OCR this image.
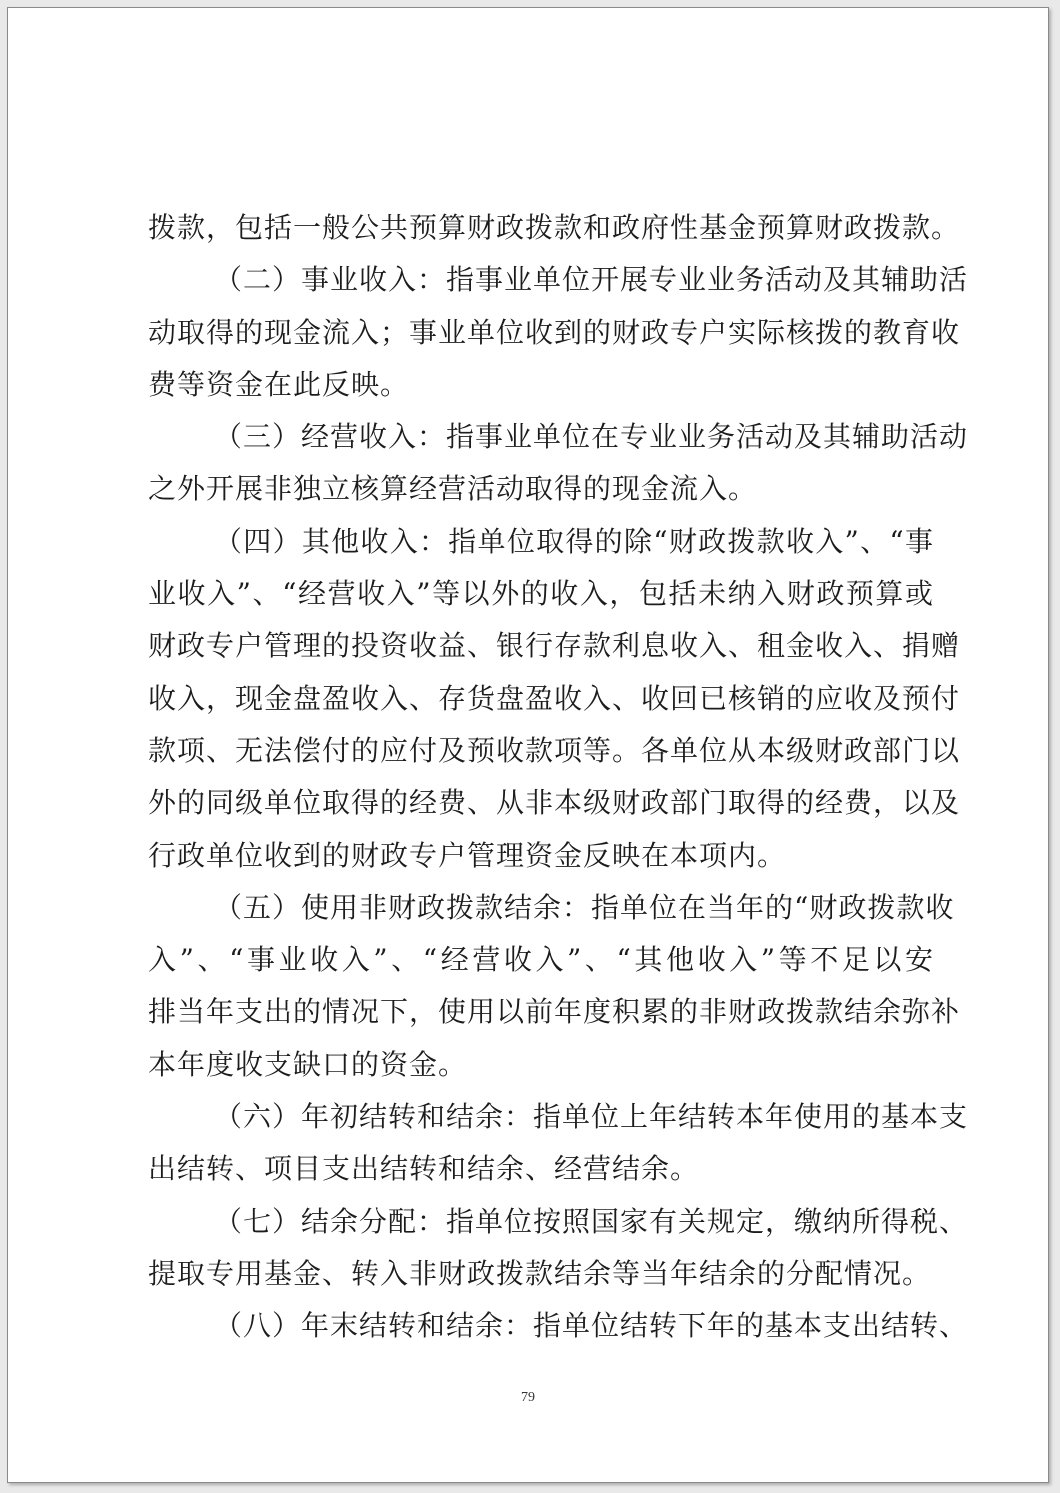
拨款，包括一般公共预算财政拨款和政府性基金预算财政拨款。
（二）事业收入：指事业单位开展专业业务活动及其辅助活
动取得的现金流入；事业单位收到的财政专户实际核拨的教育收
费等资金在此反映。
（三）经营收入：指事业单位在专业业务活动及其辅助活动
之外开展非独立核算经营活动取得的现金流入。
（四）其他收入：指单位取得的除“财政拨款收入”、“事
业收入”、“经营收入”等以外的收入，包括未纳入财政预算或
财政专户管理的投资收益、银行存款利息收入、租金收入、捐赠
收入，现金盘盈收入、存货盘盈收入、收回已核销的应收及预付
款项、无法偿付的应付及预收款项等。各单位从本级财政部门以
外的同级单位取得的经费、从非本级财政部门取得的经费，以及
行政单位收到的财政专户管理资金反映在本项内。
（五）使用非财政拨款结余：指单位在当年的“财政拨款收
入”、“事业收入”、“经营收入”、“其他收入”等不足以安
排当年支出的情况下，使用以前年度积累的非财政拨款结余弥补
本年度收支缺口的资金。
（六）年初结转和结余：指单位上年结转本年使用的基本支
出结转、项目支出结转和结余、经营结余。
（七）结余分配：指单位按照国家有关规定，缴纳所得税、
提取专用基金、转入非财政拨款结余等当年结余的分配情况。
（八）年末结转和结余：指单位结转下年的基本支出结转、
79
